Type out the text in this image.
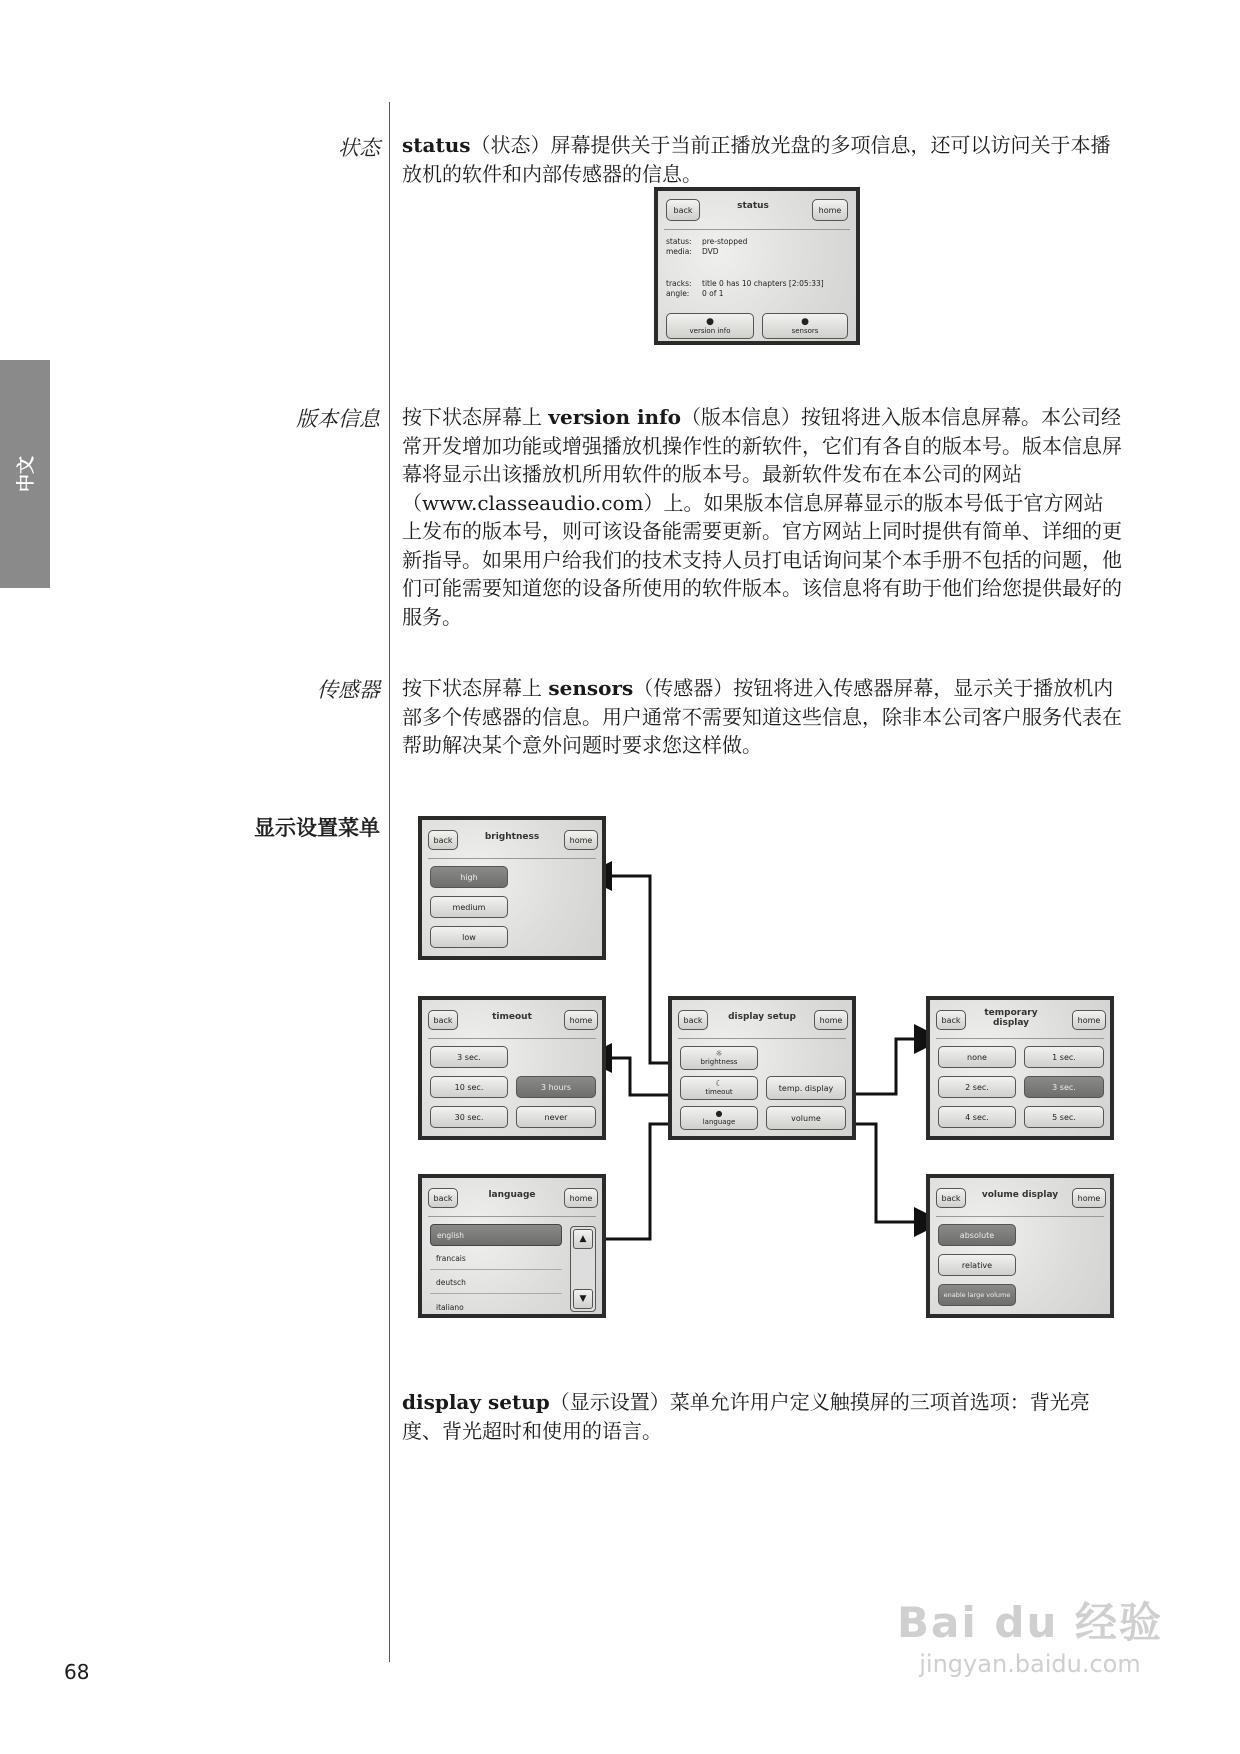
中文
状态 status（状态）屏幕提供关于当前正播放光盘的多项信息，还可以访问关于本播放机的软件和内部传感器的信息。

back	status	home
status: pre-stopped
media: DVD
tracks: title 0 has 10 chapters [2:05:33]
angle: 0 of 1
●
version info
●
sensors
版本信息 按下状态屏幕上 version info（版本信息）按钮将进入版本信息屏幕。本公司经常开发增加功能或增强播放机操作性的新软件，它们有各自的版本号。版本信息屏幕将显示出该播放机所用软件的版本号。最新软件发布在本公司的网站（www.classeaudio.com）上。如果版本信息屏幕显示的版本号低于官方网站上发布的版本号，则可该设备能需要更新。官方网站上同时提供有简单、详细的更新指导。如果用户给我们的技术支持人员打电话询问某个本手册不包括的问题，他们可能需要知道您的设备所使用的软件版本。该信息将有助于他们给您提供最好的服务。

传感器 按下状态屏幕上 sensors（传感器）按钮将进入传感器屏幕，显示关于播放机内部多个传感器的信息。用户通常不需要知道这些信息，除非本公司客户服务代表在帮助解决某个意外问题时要求您这样做。

显示设置菜单	back	brightness	home
high
medium
low
back	timeout	home
3 sec.
10 sec.	3 hours
30 sec.	never
back	display setup	home
☼
brightness
☾
timeout	temp. display
●
language	volume
back
temporary display	home
none	1 sec.
2 sec.	3 sec.
4 sec.	5 sec.
back	language	home
english
francais
deutsch
italiano
▲
▼
back	volume display	home
absolute
relative
enable large volume

display setup（显示设置）菜单允许用户定义触摸屏的三项首选项：背光亮度、背光超时和使用的语言。

68
Bai du 经验
jingyan.baidu.com
